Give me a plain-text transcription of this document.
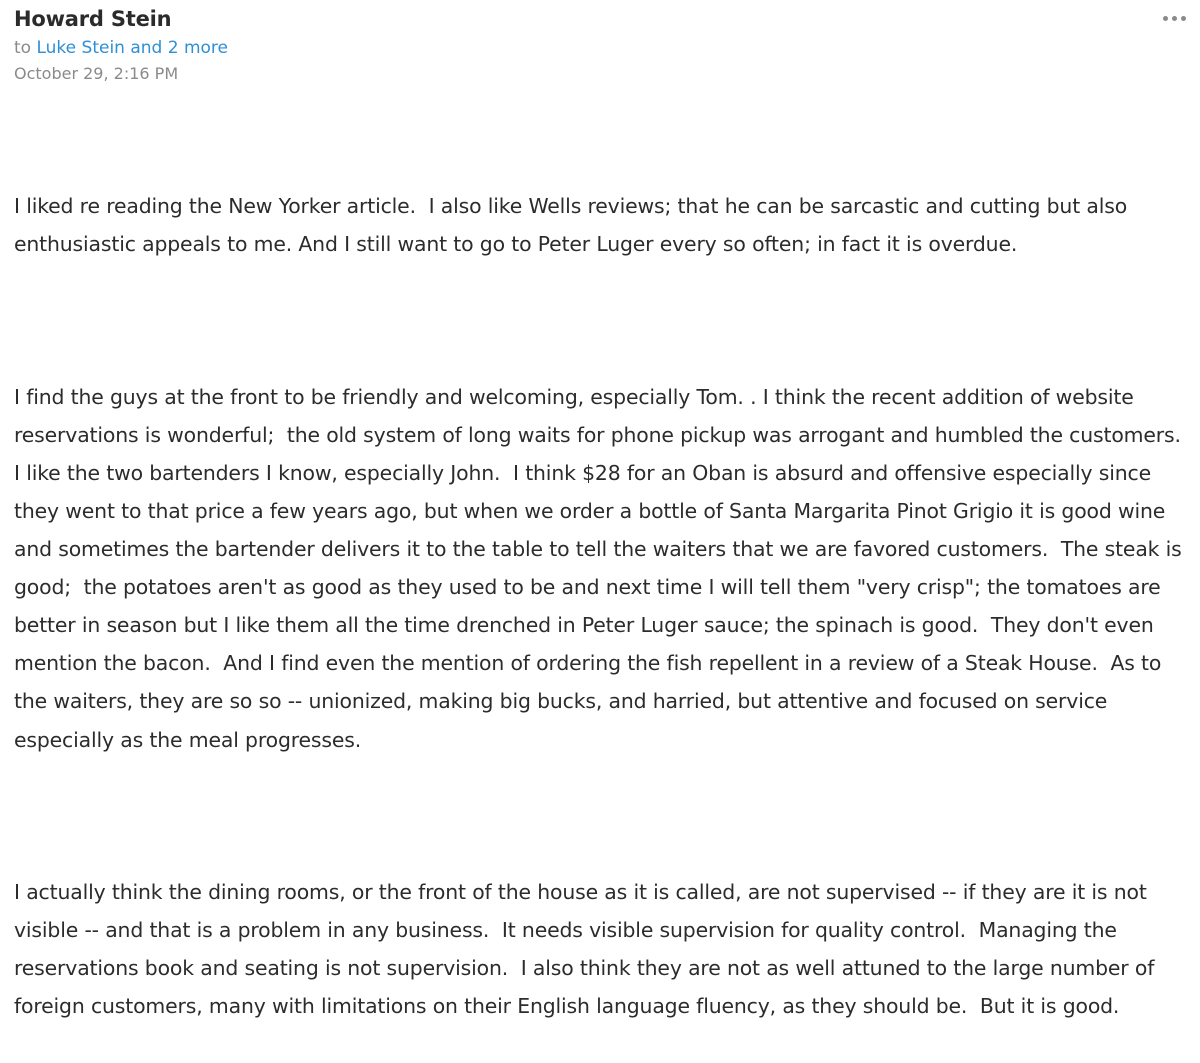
Howard Stein
to Luke Stein and 2 more
October 29, 2:16 PM

I liked re reading the New Yorker article.  I also like Wells reviews; that he can be sarcastic and cutting but also enthusiastic appeals to me. And I still want to go to Peter Luger every so often; in fact it is overdue.

I find the guys at the front to be friendly and welcoming, especially Tom. . I think the recent addition of website reservations is wonderful;  the old system of long waits for phone pickup was arrogant and humbled the customers.   I like the two bartenders I know, especially John.  I think $28 for an Oban is absurd and offensive especially since they went to that price a few years ago, but when we order a bottle of Santa Margarita Pinot Grigio it is good wine and sometimes the bartender delivers it to the table to tell the waiters that we are favored customers.  The steak is good;  the potatoes aren't as good as they used to be and next time I will tell them "very crisp"; the tomatoes are better in season but I like them all the time drenched in Peter Luger sauce; the spinach is good.  They don't even mention the bacon.  And I find even the mention of ordering the fish repellent in a review of a Steak House.  As to the waiters, they are so so -- unionized, making big bucks, and harried, but attentive and focused on service especially as the meal progresses.

I actually think the dining rooms, or the front of the house as it is called, are not supervised -- if they are it is not visible -- and that is a problem in any business.  It needs visible supervision for quality control.  Managing the reservations book and seating is not supervision.  I also think they are not as well attuned to the large number of foreign customers, many with limitations on their English language fluency, as they should be.  But it is good.
